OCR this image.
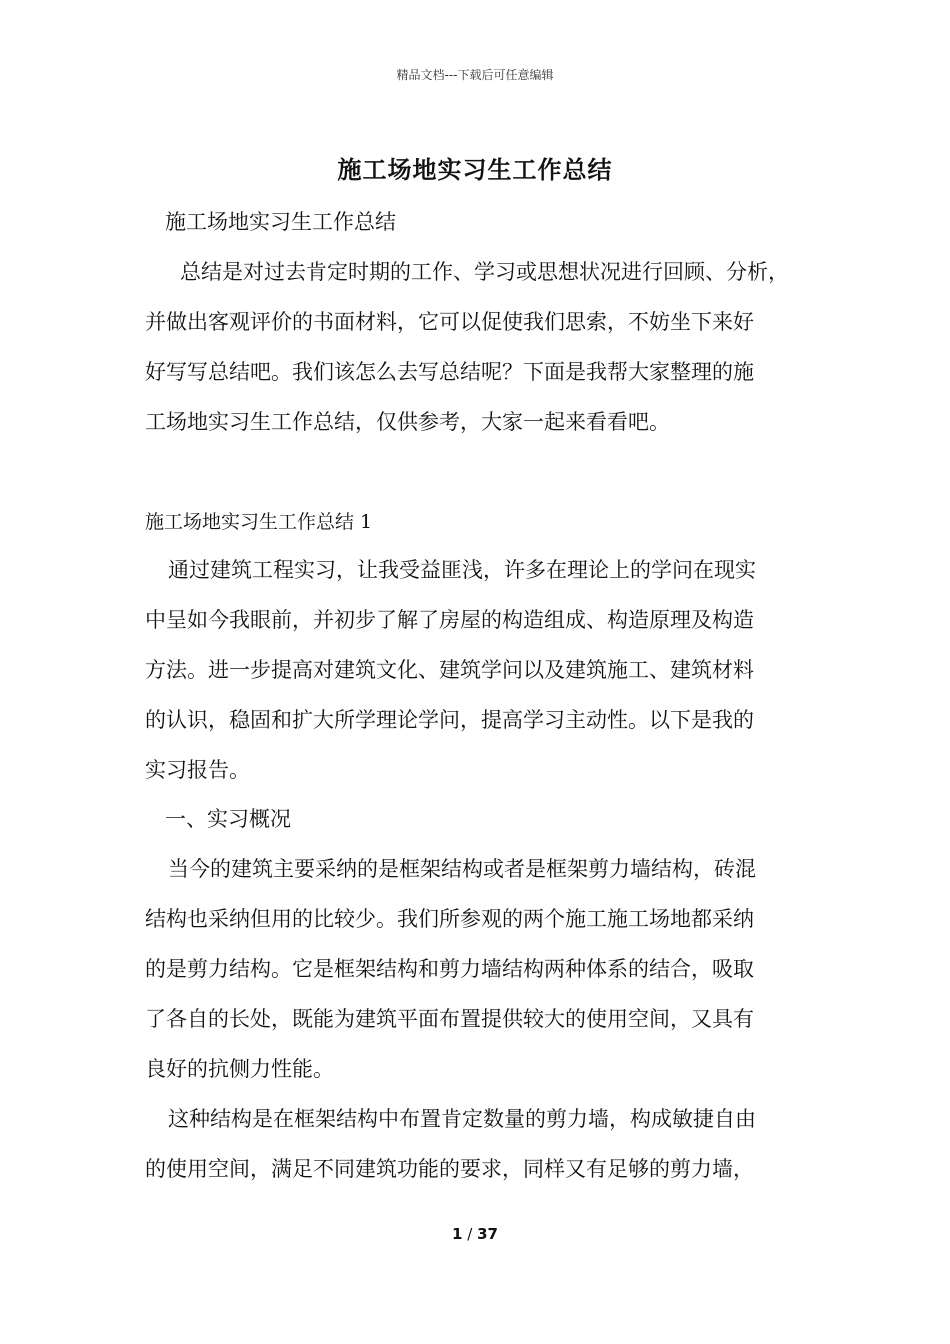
精品文档---下载后可任意编辑
施工场地实习生工作总结
施工场地实习生工作总结
总结是对过去肯定时期的工作、学习或思想状况进行回顾、分析，
并做出客观评价的书面材料，它可以促使我们思索，不妨坐下来好
好写写总结吧。我们该怎么去写总结呢？下面是我帮大家整理的施
工场地实习生工作总结，仅供参考，大家一起来看看吧。
施工场地实习生工作总结 1
通过建筑工程实习，让我受益匪浅，许多在理论上的学问在现实
中呈如今我眼前，并初步了解了房屋的构造组成、构造原理及构造
方法。进一步提高对建筑文化、建筑学问以及建筑施工、建筑材料
的认识，稳固和扩大所学理论学问，提高学习主动性。以下是我的
实习报告。
一、实习概况
当今的建筑主要采纳的是框架结构或者是框架剪力墙结构，砖混
结构也采纳但用的比较少。我们所参观的两个施工施工场地都采纳
的是剪力结构。它是框架结构和剪力墙结构两种体系的结合，吸取
了各自的长处，既能为建筑平面布置提供较大的使用空间，又具有
良好的抗侧力性能。
这种结构是在框架结构中布置肯定数量的剪力墙，构成敏捷自由
的使用空间，满足不同建筑功能的要求，同样又有足够的剪力墙，
1 / 37
